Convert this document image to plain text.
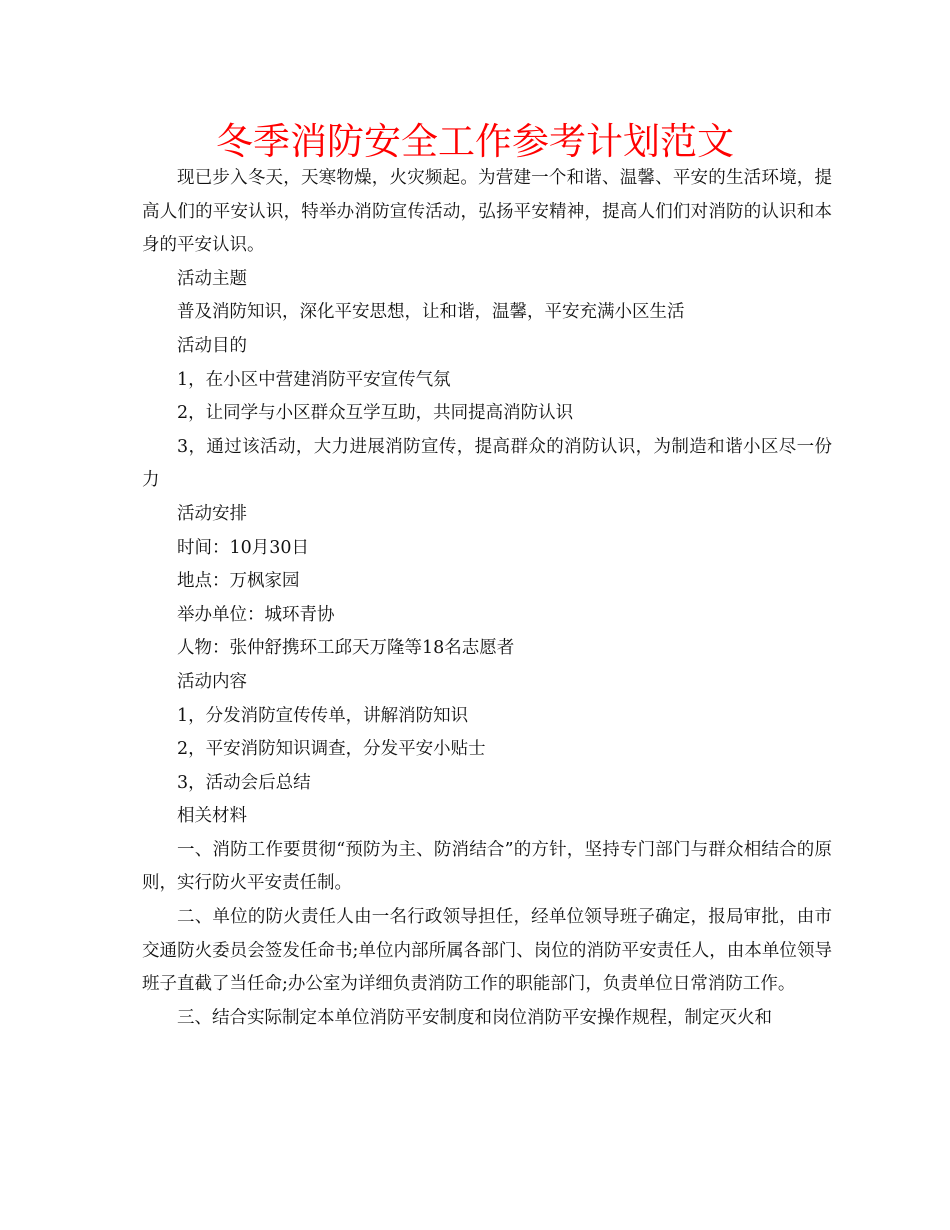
冬季消防安全工作参考计划范文

现已步入冬天，天寒物燥，火灾频起。为营建一个和谐、温馨、平安的生活环境，提高人们的平安认识，特举办消防宣传活动，弘扬平安精神，提高人们们对消防的认识和本身的平安认识。

活动主题

普及消防知识，深化平安思想，让和谐，温馨，平安充满小区生活

活动目的

1，在小区中营建消防平安宣传气氛

2，让同学与小区群众互学互助，共同提高消防认识

3，通过该活动，大力进展消防宣传，提高群众的消防认识，为制造和谐小区尽一份力

活动安排

时间：10月30日

地点：万枫家园

举办单位：城环青协

人物：张仲舒携环工邱天万隆等18名志愿者

活动内容

1，分发消防宣传传单，讲解消防知识

2，平安消防知识调查，分发平安小贴士

3，活动会后总结

相关材料

一、消防工作要贯彻“预防为主、防消结合”的方针，坚持专门部门与群众相结合的原则，实行防火平安责任制。

二、单位的防火责任人由一名行政领导担任，经单位领导班子确定，报局审批，由市交通防火委员会签发任命书;单位内部所属各部门、岗位的消防平安责任人，由本单位领导班子直截了当任命;办公室为详细负责消防工作的职能部门，负责单位日常消防工作。

三、结合实际制定本单位消防平安制度和岗位消防平安操作规程，制定灭火和
